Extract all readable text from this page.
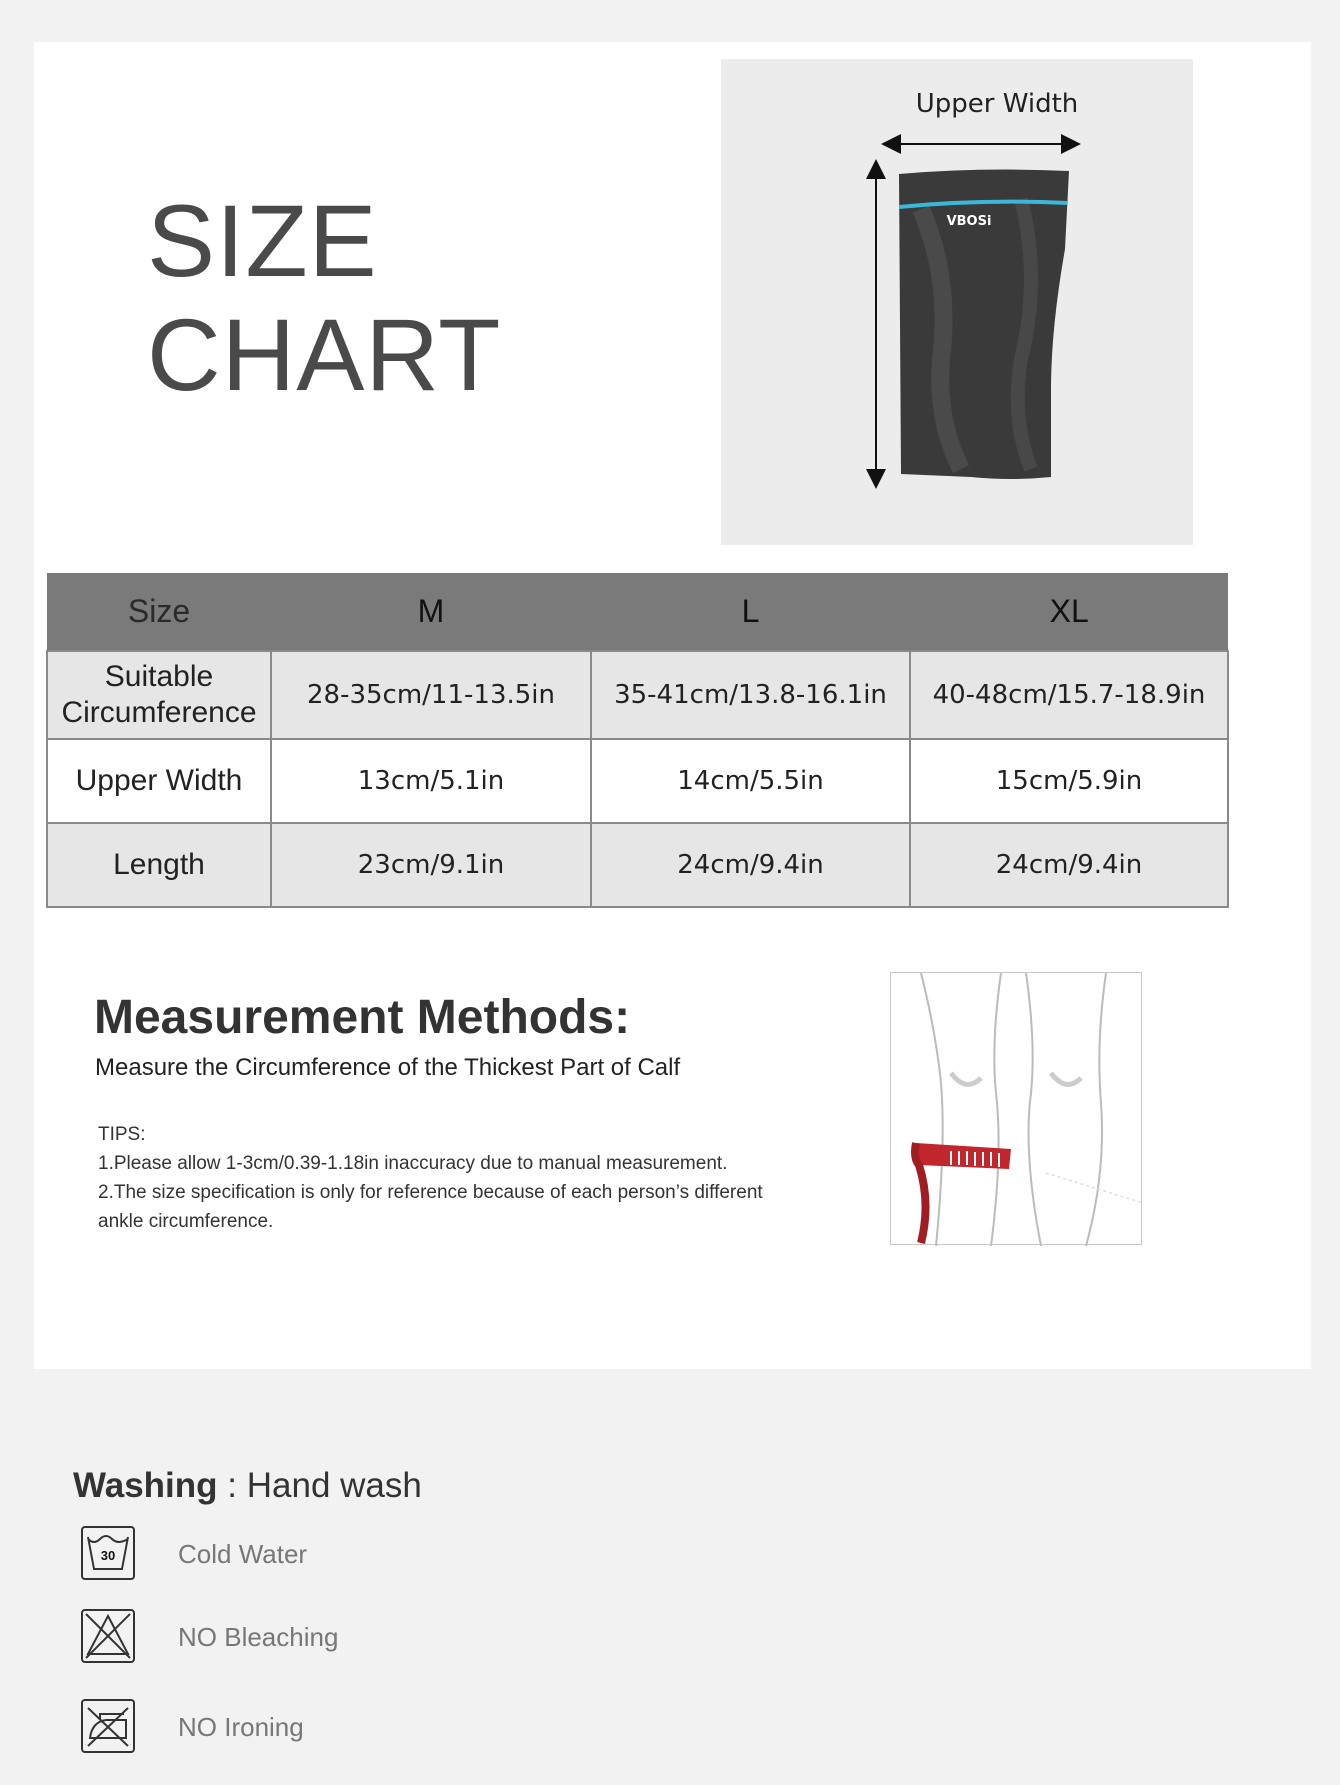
SIZE
CHART
Upper Width
VBOSi
Size	M	L	XL
Suitable Circumference	28-35cm/11-13.5in	35-41cm/13.8-16.1in	40-48cm/15.7-18.9in
Upper Width	13cm/5.1in	14cm/5.5in	15cm/5.9in
Length	23cm/9.1in	24cm/9.4in	24cm/9.4in
Measurement Methods:
Measure the Circumference of the Thickest Part of Calf
TIPS:
1.Please allow 1-3cm/0.39-1.18in inaccuracy due to manual measurement.
2.The size specification is only for reference because of each person’s different ankle circumference.
Washing : Hand wash
30 Cold Water
NO Bleaching
NO Ironing
